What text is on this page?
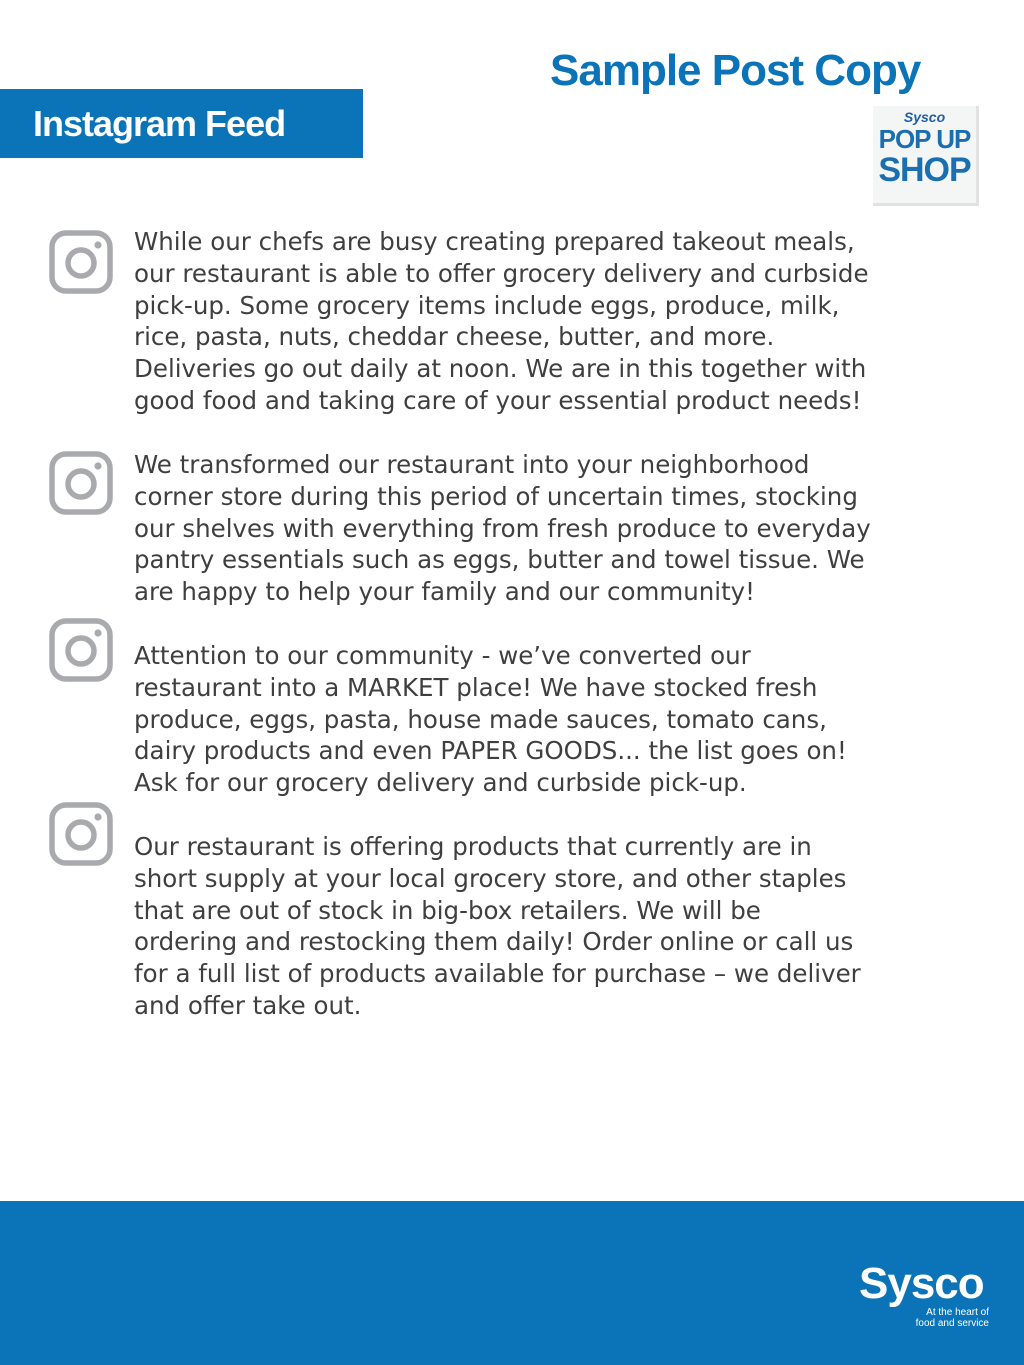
Sample Post Copy
Instagram Feed	Sysco
POP UP
SHOP

While our chefs are busy creating prepared takeout meals,
our restaurant is able to offer grocery delivery and curbside
pick-up. Some grocery items include eggs, produce, milk,
rice, pasta, nuts, cheddar cheese, butter, and more.
Deliveries go out daily at noon. We are in this together with
good food and taking care of your essential product needs!

We transformed our restaurant into your neighborhood
corner store during this period of uncertain times, stocking
our shelves with everything from fresh produce to everyday
pantry essentials such as eggs, butter and towel tissue. We
are happy to help your family and our community!

Attention to our community - we’ve converted our
restaurant into a MARKET place! We have stocked fresh
produce, eggs, pasta, house made sauces, tomato cans,
dairy products and even PAPER GOODS... the list goes on!
Ask for our grocery delivery and curbside pick-up.

Our restaurant is offering products that currently are in
short supply at your local grocery store, and other staples
that are out of stock in big-box retailers. We will be
ordering and restocking them daily! Order online or call us
for a full list of products available for purchase – we deliver
and offer take out.

Sysco
At the heart of
food and service
